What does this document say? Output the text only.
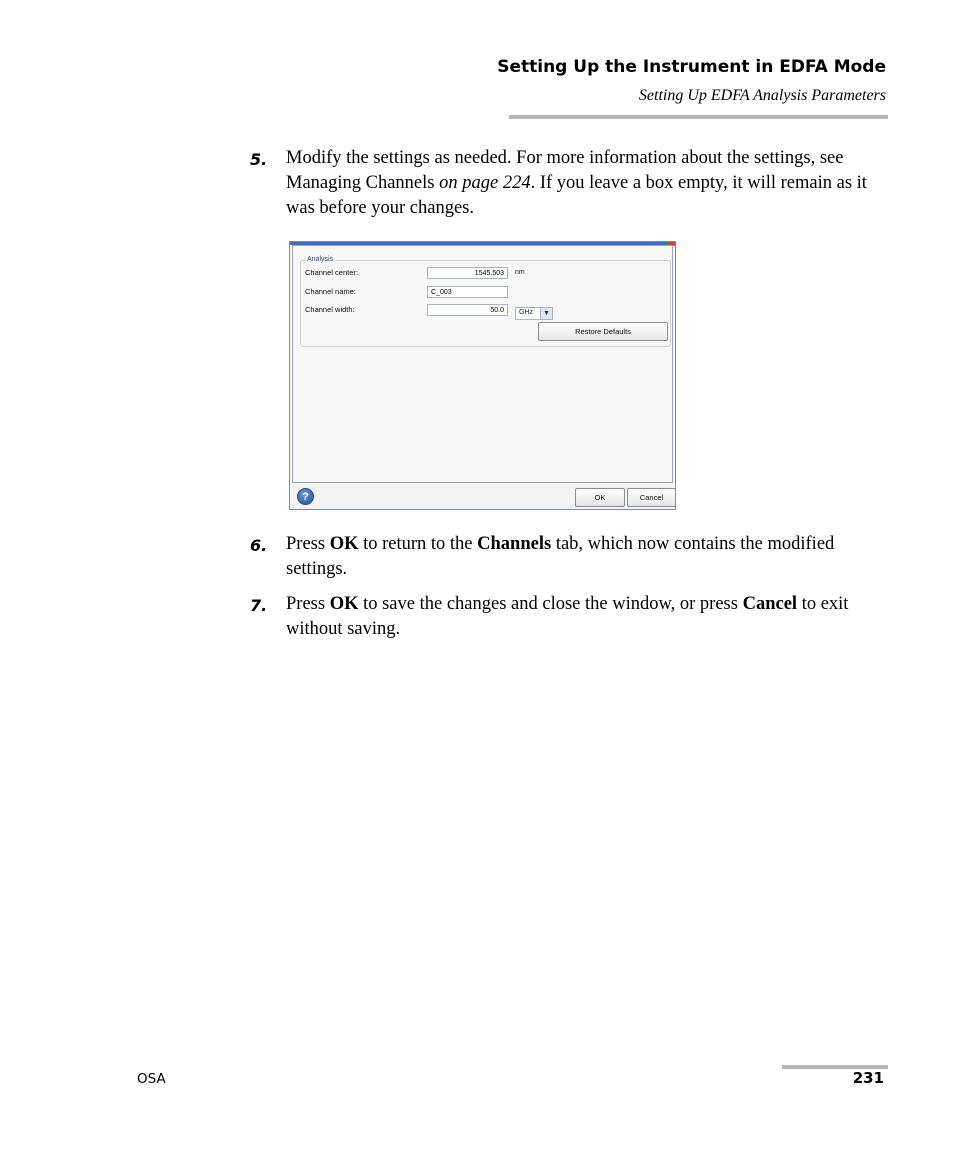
Setting Up the Instrument in EDFA Mode
Setting Up EDFA Analysis Parameters
5.	Modify the settings as needed. For more information about the settings, see Managing Channels on page 224. If you leave a box empty, it will remain as it was before your changes.
Analysis
Channel center:
1545.503	nm
Channel name:
C_003
Channel width:
50.0	GHz	▼
Restore Defaults
?	OK	Cancel
6.	Press OK to return to the Channels tab, which now contains the modified settings.
7.	Press OK to save the changes and close the window, or press Cancel to exit without saving.
OSA	231
